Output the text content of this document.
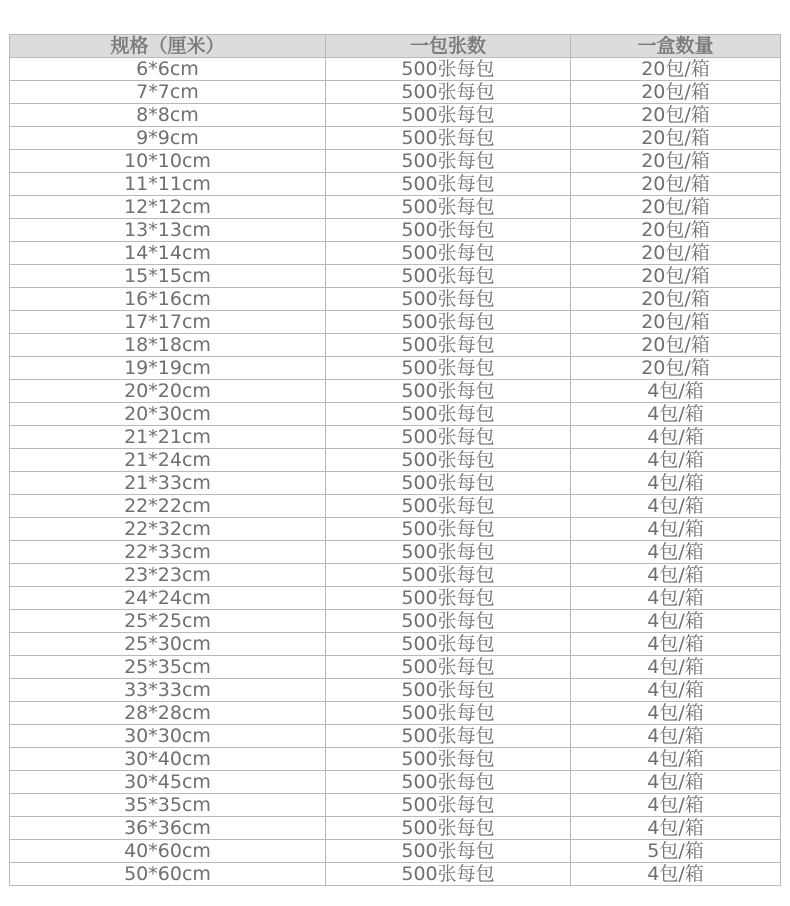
规格（厘米）	一包张数	一盒数量
6*6cm	500张每包	20包/箱
7*7cm	500张每包	20包/箱
8*8cm	500张每包	20包/箱
9*9cm	500张每包	20包/箱
10*10cm	500张每包	20包/箱
11*11cm	500张每包	20包/箱
12*12cm	500张每包	20包/箱
13*13cm	500张每包	20包/箱
14*14cm	500张每包	20包/箱
15*15cm	500张每包	20包/箱
16*16cm	500张每包	20包/箱
17*17cm	500张每包	20包/箱
18*18cm	500张每包	20包/箱
19*19cm	500张每包	20包/箱
20*20cm	500张每包	4包/箱
20*30cm	500张每包	4包/箱
21*21cm	500张每包	4包/箱
21*24cm	500张每包	4包/箱
21*33cm	500张每包	4包/箱
22*22cm	500张每包	4包/箱
22*32cm	500张每包	4包/箱
22*33cm	500张每包	4包/箱
23*23cm	500张每包	4包/箱
24*24cm	500张每包	4包/箱
25*25cm	500张每包	4包/箱
25*30cm	500张每包	4包/箱
25*35cm	500张每包	4包/箱
33*33cm	500张每包	4包/箱
28*28cm	500张每包	4包/箱
30*30cm	500张每包	4包/箱
30*40cm	500张每包	4包/箱
30*45cm	500张每包	4包/箱
35*35cm	500张每包	4包/箱
36*36cm	500张每包	4包/箱
40*60cm	500张每包	5包/箱
50*60cm	500张每包	4包/箱
